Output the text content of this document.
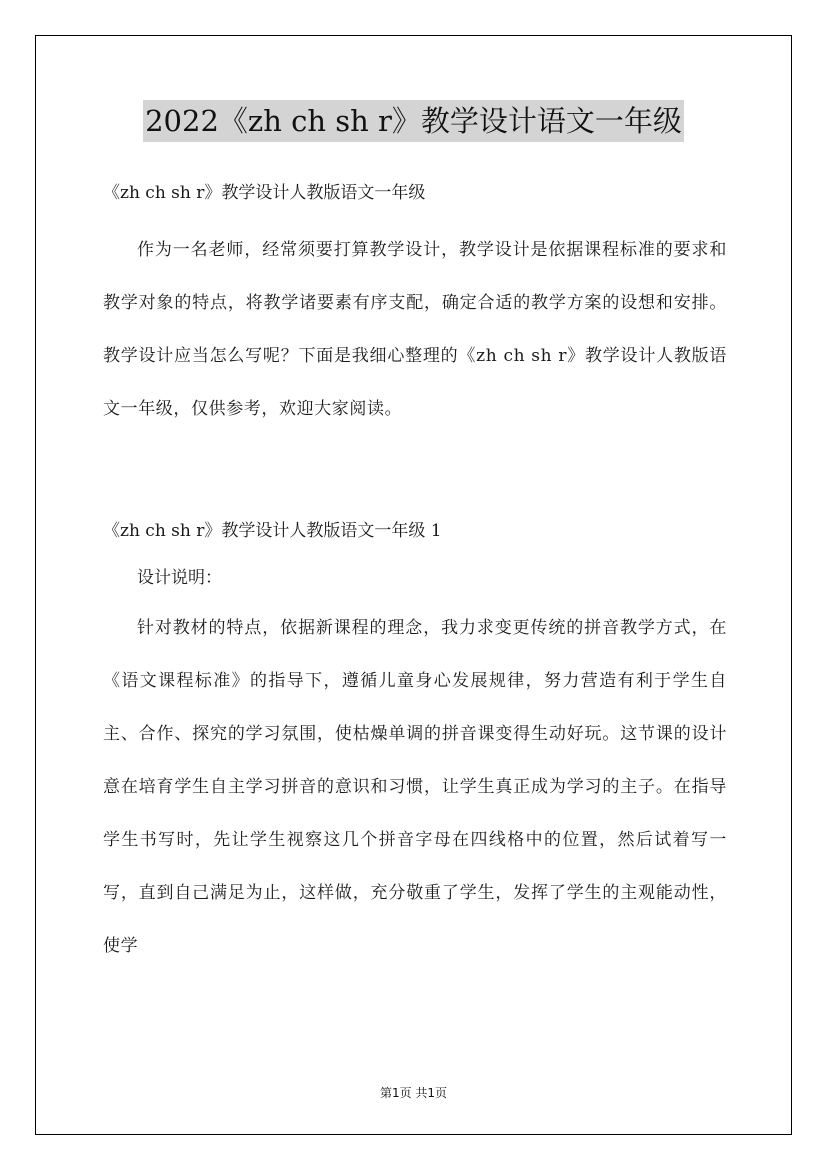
2022《zh ch sh r》教学设计语文一年级

《zh ch sh r》教学设计人教版语文一年级

作为一名老师，经常须要打算教学设计，教学设计是依据课程标准的要求和教学对象的特点，将教学诸要素有序支配，确定合适的教学方案的设想和安排。教学设计应当怎么写呢？下面是我细心整理的《zh ch sh r》教学设计人教版语文一年级，仅供参考，欢迎大家阅读。

《zh ch sh r》教学设计人教版语文一年级 1

设计说明：

针对教材的特点，依据新课程的理念，我力求变更传统的拼音教学方式，在《语文课程标准》的指导下，遵循儿童身心发展规律，努力营造有利于学生自主、合作、探究的学习氛围，使枯燥单调的拼音课变得生动好玩。这节课的设计意在培育学生自主学习拼音的意识和习惯，让学生真正成为学习的主子。在指导学生书写时，先让学生视察这几个拼音字母在四线格中的位置，然后试着写一写，直到自己满足为止，这样做，充分敬重了学生，发挥了学生的主观能动性，使学

第1页 共1页
